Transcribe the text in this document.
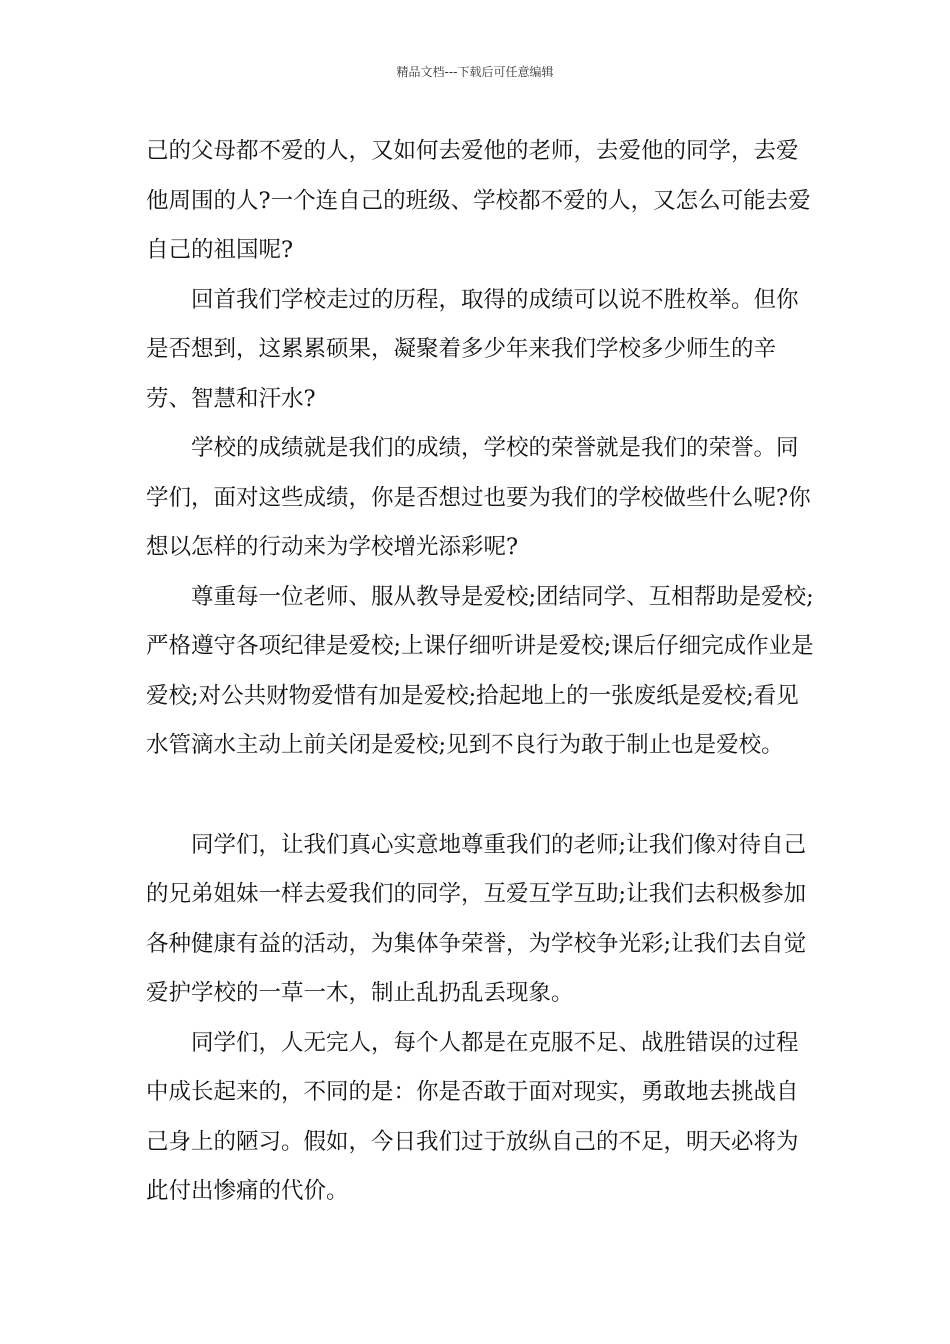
精品文档---下载后可任意编辑

己的父母都不爱的人，又如何去爱他的老师，去爱他的同学，去爱他周围的人?一个连自己的班级、学校都不爱的人，又怎么可能去爱自己的祖国呢?

回首我们学校走过的历程，取得的成绩可以说不胜枚举。但你是否想到，这累累硕果，凝聚着多少年来我们学校多少师生的辛劳、智慧和汗水?

学校的成绩就是我们的成绩，学校的荣誉就是我们的荣誉。同学们，面对这些成绩，你是否想过也要为我们的学校做些什么呢?你想以怎样的行动来为学校增光添彩呢?

尊重每一位老师、服从教导是爱校;团结同学、互相帮助是爱校;严格遵守各项纪律是爱校;上课仔细听讲是爱校;课后仔细完成作业是爱校;对公共财物爱惜有加是爱校;拾起地上的一张废纸是爱校;看见水管滴水主动上前关闭是爱校;见到不良行为敢于制止也是爱校。

同学们，让我们真心实意地尊重我们的老师;让我们像对待自己的兄弟姐妹一样去爱我们的同学，互爱互学互助;让我们去积极参加各种健康有益的活动，为集体争荣誉，为学校争光彩;让我们去自觉爱护学校的一草一木，制止乱扔乱丢现象。

同学们，人无完人，每个人都是在克服不足、战胜错误的过程中成长起来的，不同的是：你是否敢于面对现实，勇敢地去挑战自己身上的陋习。假如，今日我们过于放纵自己的不足，明天必将为此付出惨痛的代价。
